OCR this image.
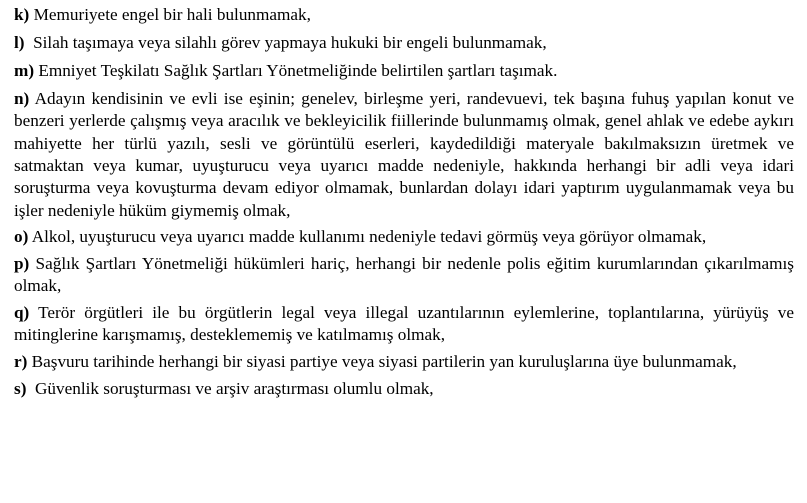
k) Memuriyete engel bir hali bulunmamak,

l) Silah taşımaya veya silahlı görev yapmaya hukuki bir engeli bulunmamak,

m) Emniyet Teşkilatı Sağlık Şartları Yönetmeliğinde belirtilen şartları taşımak.

n) Adayın kendisinin ve evli ise eşinin; genelev, birleşme yeri, randevuevi, tek başına fuhuş yapılan konut ve benzeri yerlerde çalışmış veya aracılık ve bekleyicilik fiillerinde bulunmamış olmak, genel ahlak ve edebe aykırı mahiyette her türlü yazılı, sesli ve görüntülü eserleri, kaydedildiği materyale bakılmaksızın üretmek ve satmaktan veya kumar, uyuşturucu veya uyarıcı madde nedeniyle, hakkında herhangi bir adli veya idari soruşturma veya kovuşturma devam ediyor olmamak, bunlardan dolayı idari yaptırım uygulanmamak veya bu işler nedeniyle hüküm giymemiş olmak,

o) Alkol, uyuşturucu veya uyarıcı madde kullanımı nedeniyle tedavi görmüş veya görüyor olmamak,

p) Sağlık Şartları Yönetmeliği hükümleri hariç, herhangi bir nedenle polis eğitim kurumlarından çıkarılmamış olmak,

q) Terör örgütleri ile bu örgütlerin legal veya illegal uzantılarının eylemlerine, toplantılarına, yürüyüş ve mitinglerine karışmamış, desteklememiş ve katılmamış olmak,

r) Başvuru tarihinde herhangi bir siyasi partiye veya siyasi partilerin yan kuruluşlarına üye bulunmamak,

s) Güvenlik soruşturması ve arşiv araştırması olumlu olmak,
